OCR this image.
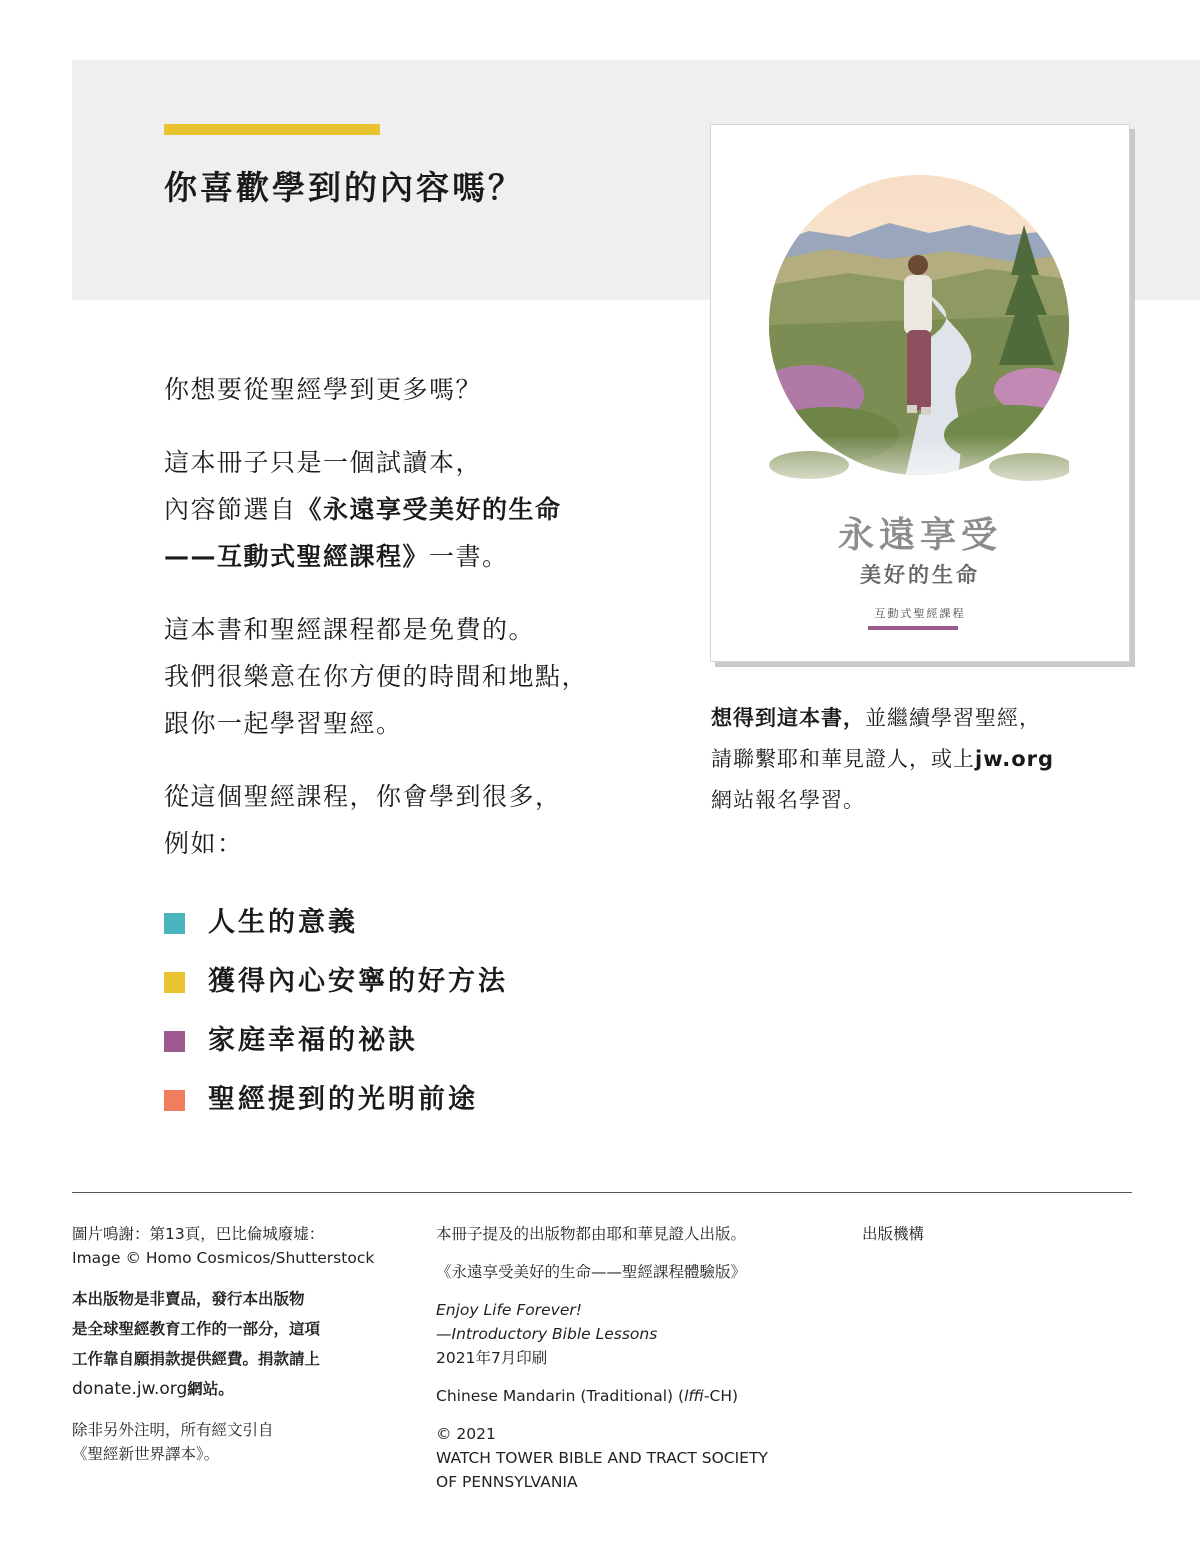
你喜歡學到的內容嗎？

你想要從聖經學到更多嗎？

這本冊子只是一個試讀本，
內容節選自《永遠享受美好的生命
——互動式聖經課程》一書。

這本書和聖經課程都是免費的。
我們很樂意在你方便的時間和地點，
跟你一起學習聖經。

從這個聖經課程，你會學到很多，
例如：

人生的意義
獲得內心安寧的好方法
家庭幸福的祕訣
聖經提到的光明前途
永遠享受
美好的生命
互動式聖經課程

想得到這本書，並繼續學習聖經，
請聯繫耶和華見證人，或上jw.org
網站報名學習。

圖片鳴謝：第13頁，巴比倫城廢墟：
Image © Homo Cosmicos/Shutterstock

本出版物是非賣品，發行本出版物
是全球聖經教育工作的一部分，這項
工作靠自願捐款提供經費。捐款請上
donate.jw.org網站。

除非另外注明，所有經文引自
《聖經新世界譯本》。

本冊子提及的出版物都由耶和華見證人出版。

《永遠享受美好的生命——聖經課程體驗版》

Enjoy Life Forever!
—Introductory Bible Lessons
2021年7月印刷

Chinese Mandarin (Traditional) (lffi-CH)

© 2021
WATCH TOWER BIBLE AND TRACT SOCIETY
OF PENNSYLVANIA

出版機構
